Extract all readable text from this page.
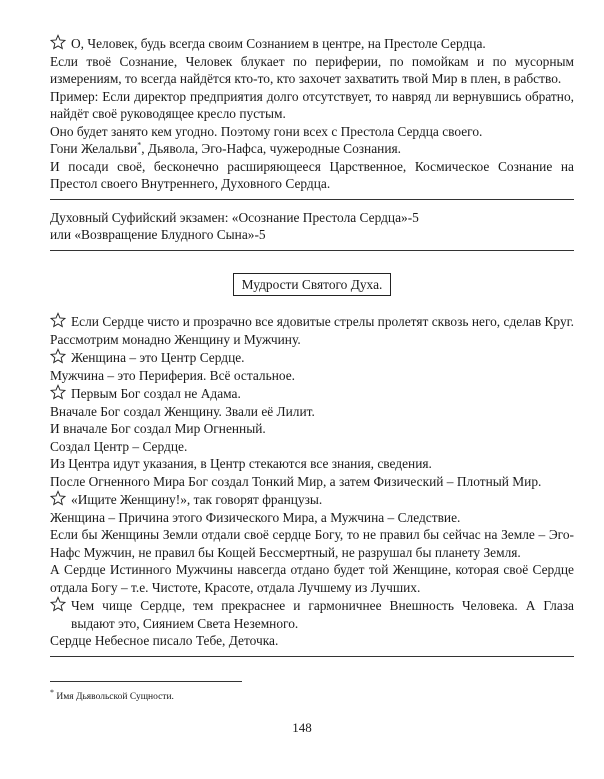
О, Человек, будь всегда своим Сознанием в центре, на Престоле Сердца.

Если твоё Сознание, Человек блукает по периферии, по помойкам и по мусорным измерениям, то всегда найдётся кто-то, кто захочет захватить твой Мир в плен, в рабство.

Пример: Если директор предприятия долго отсутствует, то навряд ли вернувшись обратно, найдёт своё руководящее кресло пустым.

Оно будет занято кем угодно. Поэтому гони всех с Престола Сердца своего.

Гони Желальви*, Дьявола, Эго-Нафса, чужеродные Сознания.

И посади своё, бесконечно расширяющееся Царственное, Космическое Сознание на Престол своего Внутреннего, Духовного Сердца.

Духовный Суфийский экзамен: «Осознание Престола Сердца»-5

или «Возвращение Блудного Сына»-5

Мудрости Святого Духа.

Если Сердце чисто и прозрачно все ядовитые стрелы пролетят сквозь него, сделав Круг.

Рассмотрим монадно Женщину и Мужчину.

Женщина – это Центр Сердце.

Мужчина – это Периферия. Всё остальное.

Первым Бог создал не Адама.

Вначале Бог создал Женщину. Звали её Лилит.

И вначале Бог создал Мир Огненный.

Создал Центр – Сердце.

Из Центра идут указания, в Центр стекаются все знания, сведения.

После Огненного Мира Бог создал Тонкий Мир, а затем Физический – Плотный Мир.

«Ищите Женщину!», так говорят французы.

Женщина – Причина этого Физического Мира, а Мужчина – Следствие.

Если бы Женщины Земли отдали своё сердце Богу, то не правил бы сейчас на Земле – Эго-Нафс Мужчин, не правил бы Кощей Бессмертный, не разрушал бы планету Земля.

А Сердце Истинного Мужчины навсегда отдано будет той Женщине, которая своё Сердце отдала Богу – т.е. Чистоте, Красоте, отдала Лучшему из Лучших.

Чем чище Сердце, тем прекраснее и гармоничнее Внешность Человека. А Глаза выдают это, Сиянием Света Неземного.

Сердце Небесное писало Тебе, Деточка.

* Имя Дьявольской Сущности.
148
